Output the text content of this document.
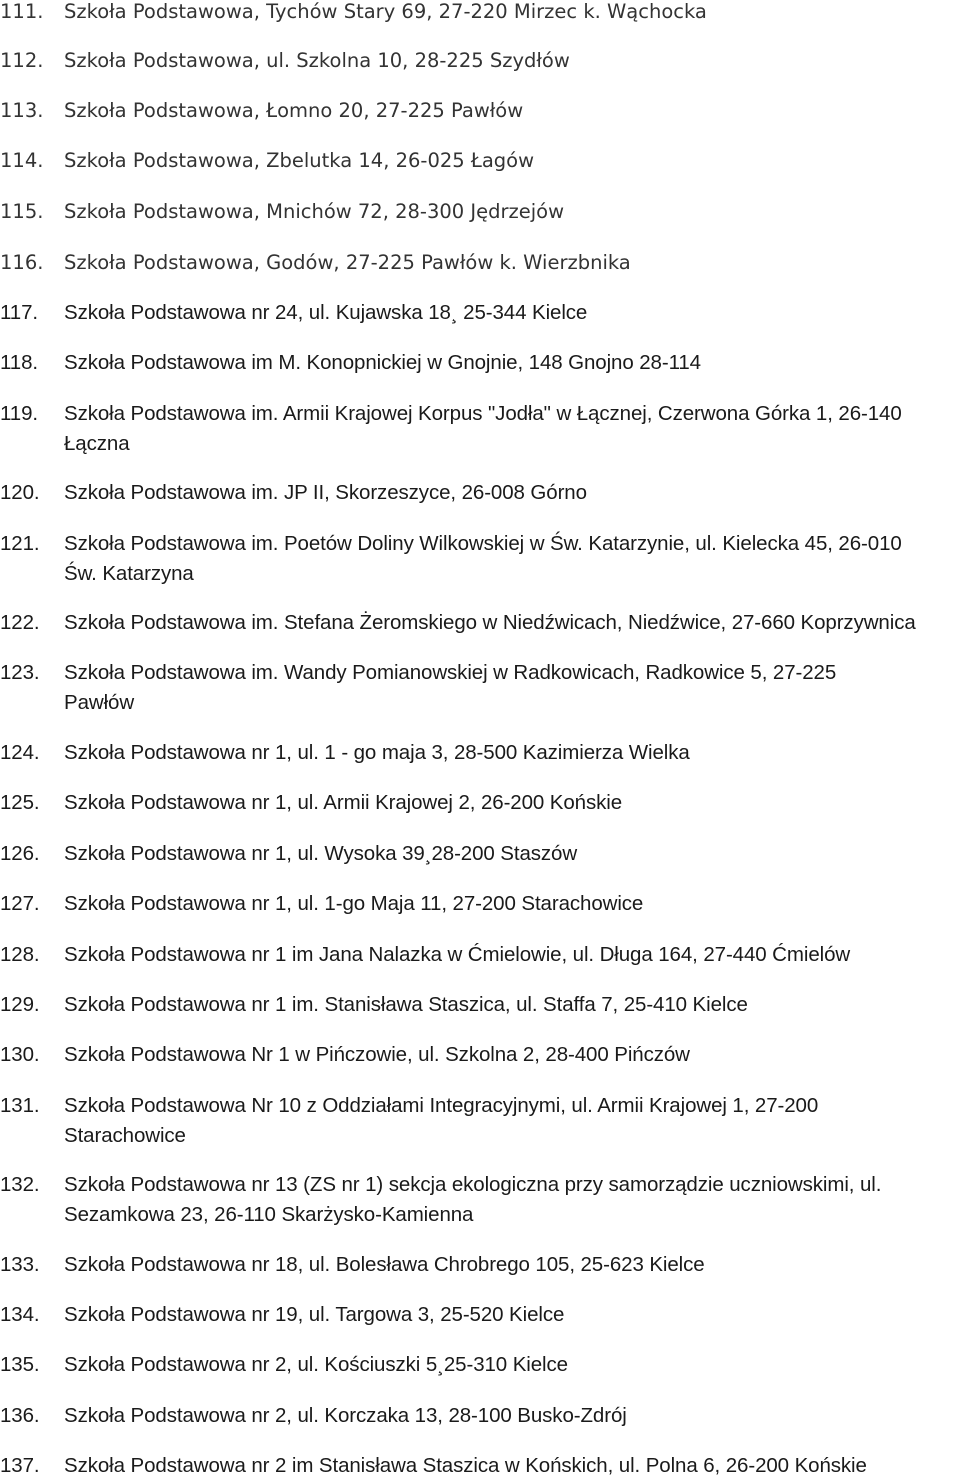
111. Szkoła Podstawowa, Tychów Stary 69, 27-220 Mirzec k. Wąchocka
112. Szkoła Podstawowa, ul. Szkolna 10, 28-225 Szydłów
113. Szkoła Podstawowa, Łomno 20, 27-225 Pawłów
114. Szkoła Podstawowa, Zbelutka 14, 26-025 Łagów
115. Szkoła Podstawowa, Mnichów 72, 28-300 Jędrzejów
116. Szkoła Podstawowa, Godów, 27-225 Pawłów k. Wierzbnika
117. Szkoła Podstawowa nr 24, ul. Kujawska 18¸ 25-344 Kielce
118. Szkoła Podstawowa im M. Konopnickiej w Gnojnie, 148 Gnojno 28-114
119. Szkoła Podstawowa im. Armii Krajowej Korpus "Jodła" w Łącznej, Czerwona Górka 1, 26-140
Łączna
120. Szkoła Podstawowa im. JP II, Skorzeszyce, 26-008 Górno
121. Szkoła Podstawowa im. Poetów Doliny Wilkowskiej w Św. Katarzynie, ul. Kielecka 45, 26-010
Św. Katarzyna
122. Szkoła Podstawowa im. Stefana Żeromskiego w Niedźwicach, Niedźwice, 27-660 Koprzywnica
123. Szkoła Podstawowa im. Wandy Pomianowskiej w Radkowicach, Radkowice 5, 27-225
Pawłów
124. Szkoła Podstawowa nr 1, ul. 1 - go maja 3, 28-500 Kazimierza Wielka
125. Szkoła Podstawowa nr 1, ul. Armii Krajowej 2, 26-200 Końskie
126. Szkoła Podstawowa nr 1, ul. Wysoka 39¸28-200 Staszów
127. Szkoła Podstawowa nr 1, ul. 1-go Maja 11, 27-200 Starachowice
128. Szkoła Podstawowa nr 1 im Jana Nalazka w Ćmielowie, ul. Długa 164, 27-440 Ćmielów
129. Szkoła Podstawowa nr 1 im. Stanisława Staszica, ul. Staffa 7, 25-410 Kielce
130. Szkoła Podstawowa Nr 1 w Pińczowie, ul. Szkolna 2, 28-400 Pińczów
131. Szkoła Podstawowa Nr 10 z Oddziałami Integracyjnymi, ul. Armii Krajowej 1, 27-200
Starachowice
132. Szkoła Podstawowa nr 13 (ZS nr 1) sekcja ekologiczna przy samorządzie uczniowskimi, ul.
Sezamkowa 23, 26-110 Skarżysko-Kamienna
133. Szkoła Podstawowa nr 18, ul. Bolesława Chrobrego 105, 25-623 Kielce
134. Szkoła Podstawowa nr 19, ul. Targowa 3, 25-520 Kielce
135. Szkoła Podstawowa nr 2, ul. Kościuszki 5¸25-310 Kielce
136. Szkoła Podstawowa nr 2, ul. Korczaka 13, 28-100 Busko-Zdrój
137. Szkoła Podstawowa nr 2 im Stanisława Staszica w Końskich, ul. Polna 6, 26-200 Końskie
